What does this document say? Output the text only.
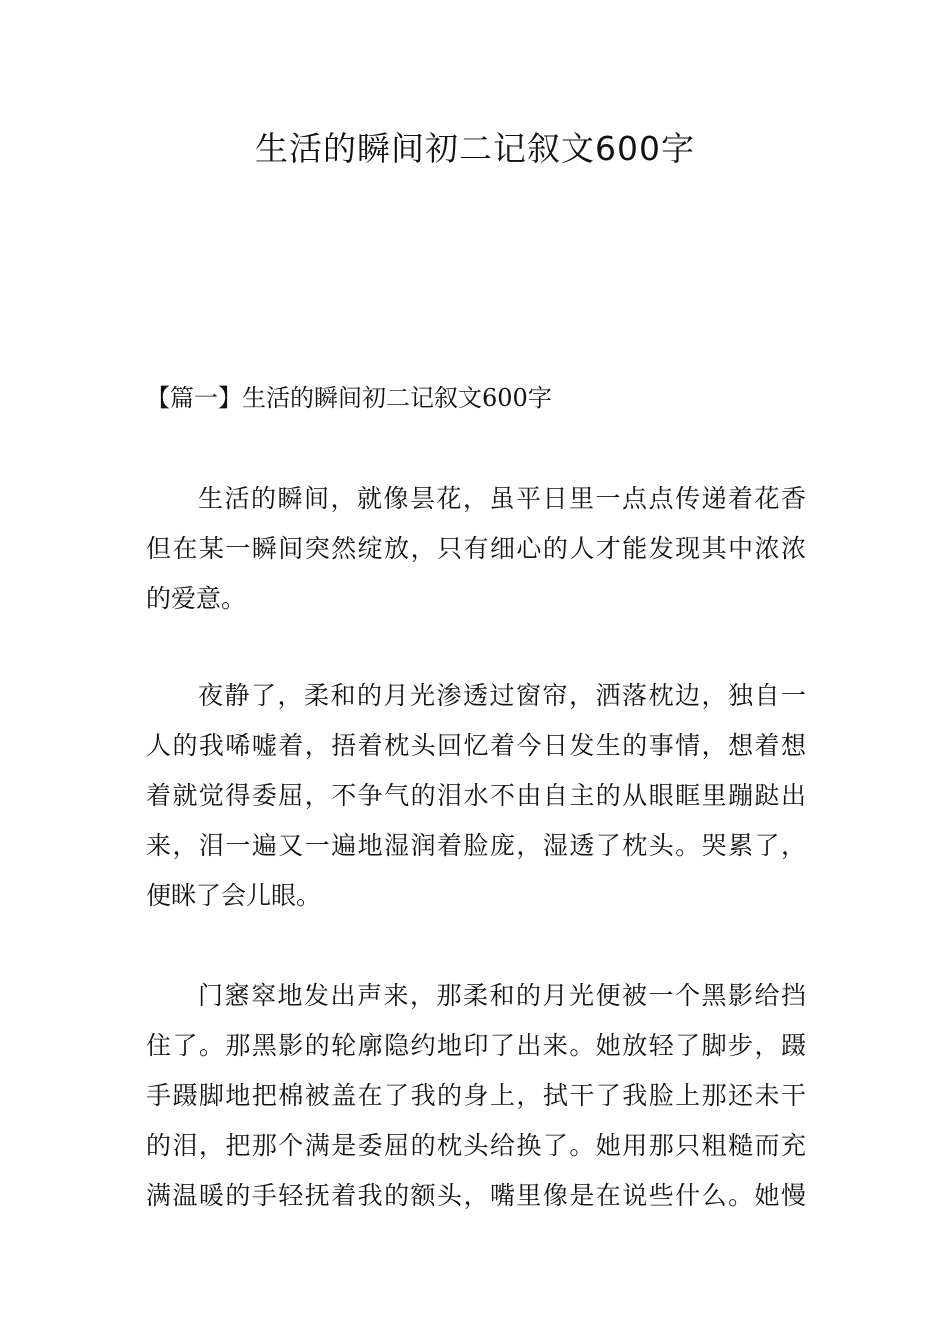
生活的瞬间初二记叙文600字
【篇一】生活的瞬间初二记叙文600字
生活的瞬间，就像昙花，虽平日里一点点传递着花香
但在某一瞬间突然绽放，只有细心的人才能发现其中浓浓
的爱意。
夜静了，柔和的月光渗透过窗帘，洒落枕边，独自一
人的我唏嘘着，捂着枕头回忆着今日发生的事情，想着想
着就觉得委屈，不争气的泪水不由自主的从眼眶里蹦跶出
来，泪一遍又一遍地湿润着脸庞，湿透了枕头。哭累了，
便眯了会儿眼。
门窸窣地发出声来，那柔和的月光便被一个黑影给挡
住了。那黑影的轮廓隐约地印了出来。她放轻了脚步，蹑
手蹑脚地把棉被盖在了我的身上，拭干了我脸上那还未干
的泪，把那个满是委屈的枕头给换了。她用那只粗糙而充
满温暖的手轻抚着我的额头，嘴里像是在说些什么。她慢
